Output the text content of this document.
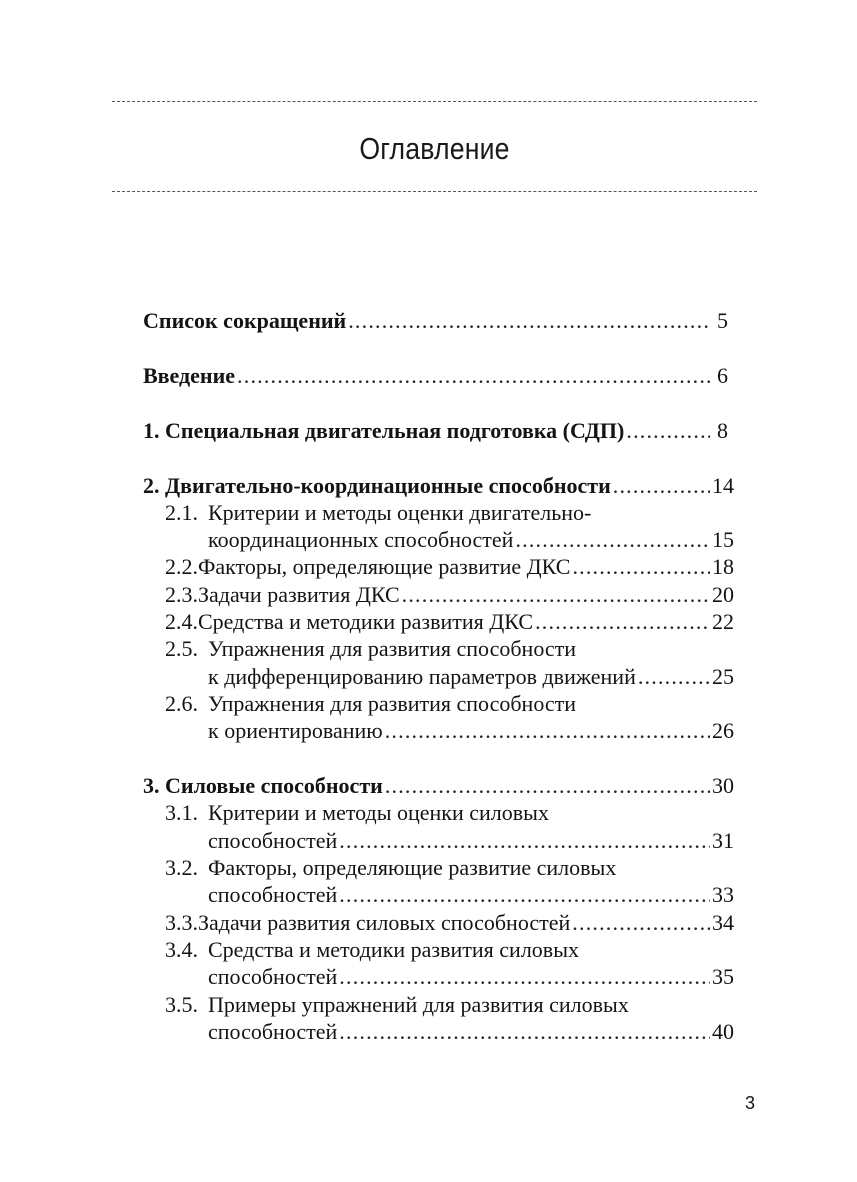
Оглавление
Список сокращений .....	5
Введение .....	6
1. Специальная двигательная подготовка (СДП) .....	8
2. Двигательно-координационные способности .....	14
2.1. Критерии и методы оценки двигательно-
координационных способностей .....	15
2.2. Факторы, определяющие развитие ДКС .....	18
2.3. Задачи развития ДКС .....	20
2.4. Средства и методики развития ДКС .....	22
2.5. Упражнения для развития способности
к дифференцированию параметров движений .....	25
2.6. Упражнения для развития способности
к ориентированию .....	26
3. Силовые способности .....	30
3.1. Критерии и методы оценки силовых
способностей .....	31
3.2. Факторы, определяющие развитие силовых
способностей .....	33
3.3. Задачи развития силовых способностей .....	34
3.4. Средства и методики развития силовых
способностей .....	35
3.5. Примеры упражнений для развития силовых
способностей .....	40
3
